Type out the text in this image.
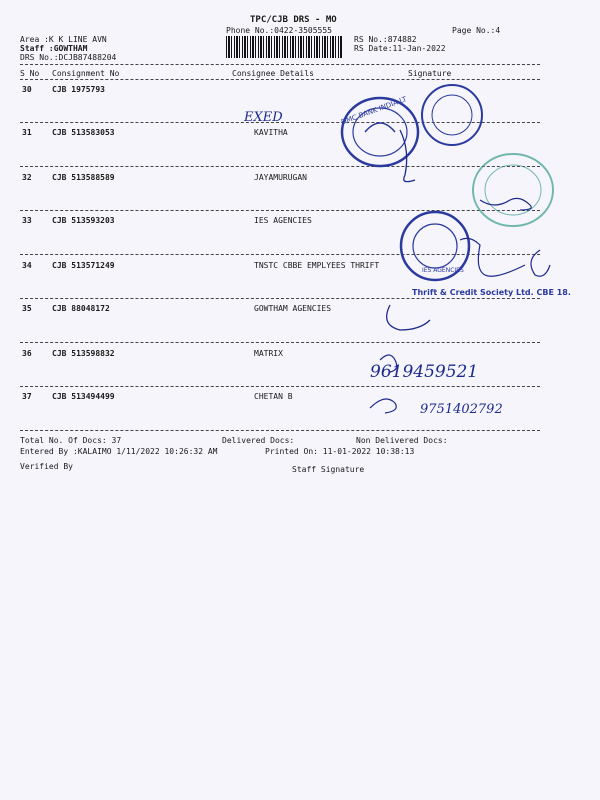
TPC/CJB DRS - MO
Phone No.:0422-3505555	Page No.:4
Area :K K LINE AVN
Staff :GOWTHAM
DRS No.:DCJB87488204
RS No.:874882
RS Date:11-Jan-2022
S No Consignment No	Consignee Details	Signature
30	CJB 1975793
31	CJB 513583053	KAVITHA
32	CJB 513588589	JAYAMURUGAN
33	CJB 513593203	IES AGENCIES
34	CJB 513571249	TNSTC CBBE EMPLYEES THRIFT
35	CJB 88048172	GOWTHAM AGENCIES
36	CJB 513598832	MATRIX
37	CJB 513494499	CHETAN B
Total No. Of Docs: 37	Delivered Docs:	Non Delivered Docs:
Entered By :KALAIMO 1/11/2022 10:26:32 AM	Printed On: 11-01-2022 10:38:13
Verified By	Staff Signature
DMC BANK INDIA LT
IES AGENCIES
Thrift & Credit Society Ltd. CBE 18.
EXED
9619459521
9751402792
